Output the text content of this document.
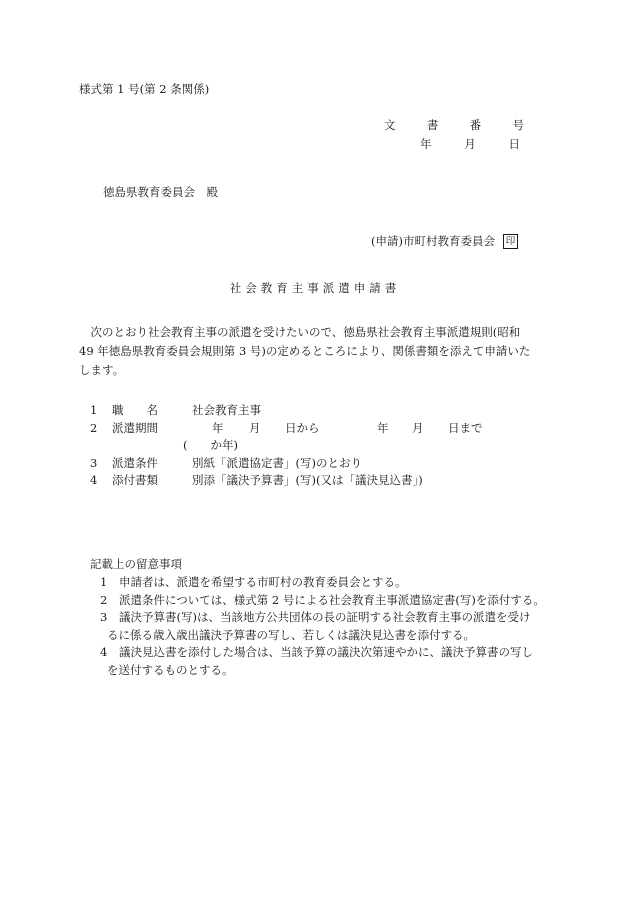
様式第 1 号(第 2 条関係)
文	書	番	号
年	月	日
徳島県教育委員会　殿
(申請)市町村教育委員会 印
社会教育主事派遣申請書

次のとおり社会教育主事の派遣を受けたいので、徳島県社会教育主事派遣規則(昭和

49 年徳島県教育委員会規則第 3 号)の定めるところにより、関係書類を添えて申請いた

します。

1	職　　名	社会教育主事
2	派遣期間	年 月 日から	年 月 日まで
(　　か年)
3	派遣条件	別紙「派遣協定書」(写)のとおり
4	添付書類	別添「議決予算書」(写)(又は「議決見込書」)
記載上の留意事項
1 申請者は、派遣を希望する市町村の教育委員会とする。
2 派遣条件については、様式第 2 号による社会教育主事派遣協定書(写)を添付する。
3 議決予算書(写)は、当該地方公共団体の長の証明する社会教育主事の派遣を受け
るに係る歳入歳出議決予算書の写し、若しくは議決見込書を添付する。
4 議決見込書を添付した場合は、当該予算の議決次第速やかに、議決予算書の写し
を送付するものとする。
